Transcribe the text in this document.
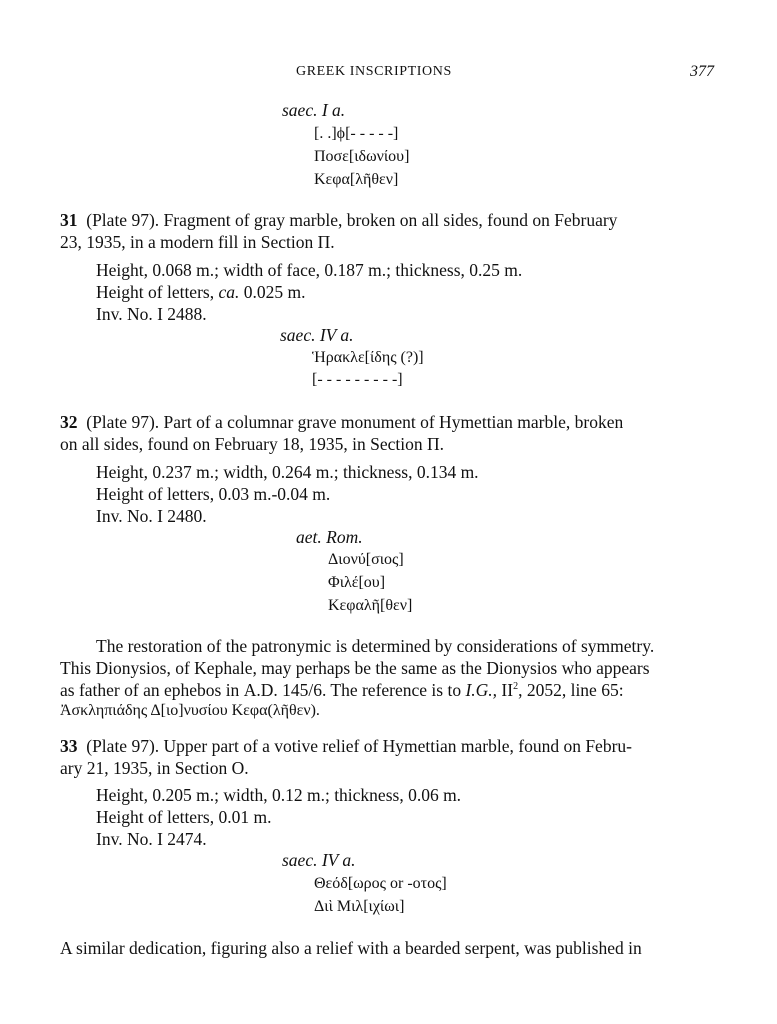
GREEK INSCRIPTIONS	377
saec. I a.
[. .]ϕ[- - - - -]
Ποσε[ιδωνίου]
Κεφα[λῆθεν]
31 (Plate 97). Fragment of gray marble, broken on all sides, found on February
23, 1935, in a modern fill in Section Π.
Height, 0.068 m.; width of face, 0.187 m.; thickness, 0.25 m.
Height of letters, ca. 0.025 m.
Inv. No. I 2488.
saec. IV a.
Ἡρακλε[ίδης (?)]
[- - - - - - - - -]
32 (Plate 97). Part of a columnar grave monument of Hymettian marble, broken
on all sides, found on February 18, 1935, in Section Π.
Height, 0.237 m.; width, 0.264 m.; thickness, 0.134 m.
Height of letters, 0.03 m.-0.04 m.
Inv. No. I 2480.
aet. Rom.
Διονύ[σιος]
Φιλέ[ου]
Κεφαλῆ[θεν]
The restoration of the patronymic is determined by considerations of symmetry.
This Dionysios, of Kephale, may perhaps be the same as the Dionysios who appears
as father of an ephebos in A.D. 145/6. The reference is to I.G., $II^2$, 2052, line 65:
Ἀσκληπιάδης Δ[ιο]νυσίου Κεφα(λῆθεν).
33 (Plate 97). Upper part of a votive relief of Hymettian marble, found on Febru-
ary 21, 1935, in Section Ο.
Height, 0.205 m.; width, 0.12 m.; thickness, 0.06 m.
Height of letters, 0.01 m.
Inv. No. I 2474.
saec. IV a.
Θεόδ[ωρος or -οτος]
Διὶ Μιλ[ιχίωι]
A similar dedication, figuring also a relief with a bearded serpent, was published in
